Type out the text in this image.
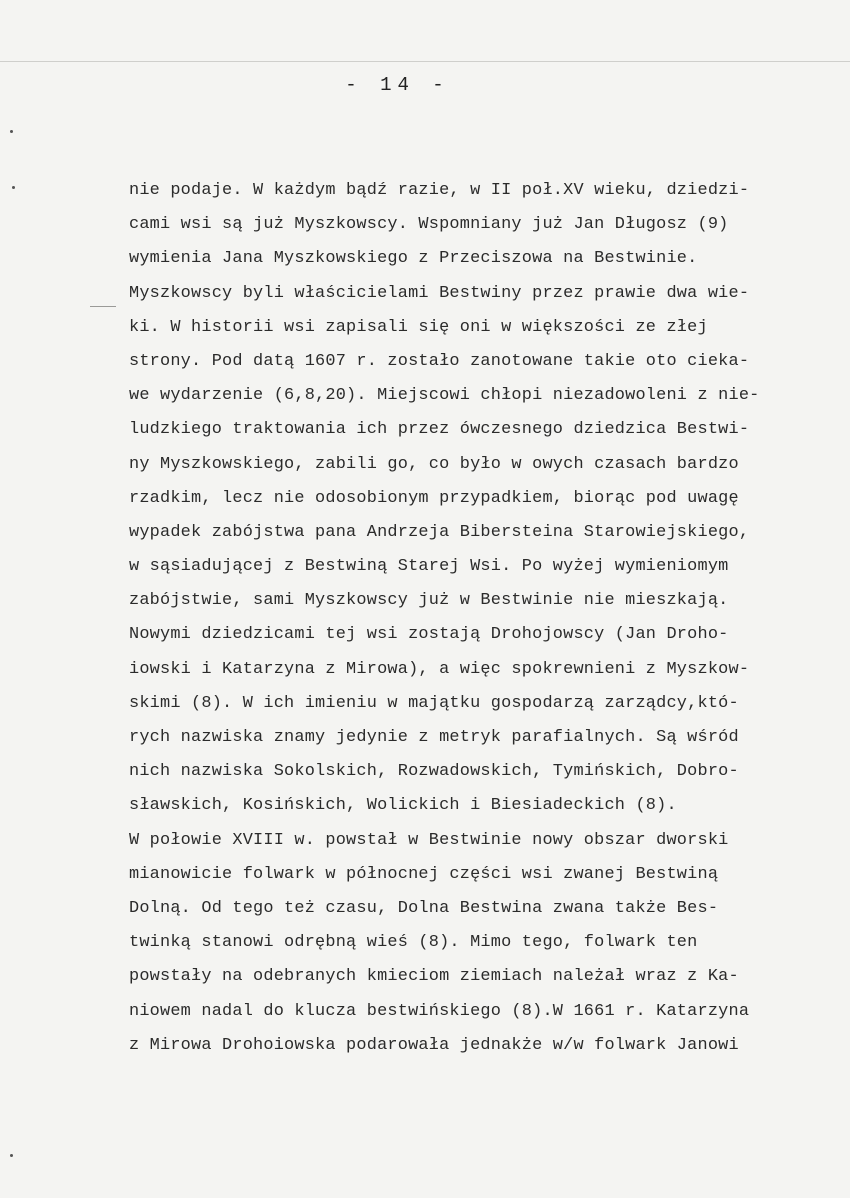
- 14 -
nie podaje. W każdym bądź razie, w II poł.XV wieku, dziedzi-
cami wsi są już Myszkowscy. Wspomniany już Jan Długosz (9)
wymienia Jana Myszkowskiego z Przeciszowa na Bestwinie.
Myszkowscy byli właścicielami Bestwiny przez prawie dwa wie-
ki. W historii wsi zapisali się oni w większości ze złej
strony. Pod datą 1607 r. zostało zanotowane takie oto cieka-
we wydarzenie (6,8,20). Miejscowi chłopi niezadowoleni z nie-
ludzkiego traktowania ich przez ówczesnego dziedzica Bestwi-
ny Myszkowskiego, zabili go, co było w owych czasach bardzo
rzadkim, lecz nie odosobionym przypadkiem, biorąc pod uwagę
wypadek zabójstwa pana Andrzeja Bibersteina Starowiejskiego,
w sąsiadującej z Bestwiną Starej Wsi. Po wyżej wymieniomym
zabójstwie, sami Myszkowscy już w Bestwinie nie mieszkają.
Nowymi dziedzicami tej wsi zostają Drohojowscy (Jan Droho-
iowski i Katarzyna z Mirowa), a więc spokrewnieni z Myszkow-
skimi (8). W ich imieniu w majątku gospodarzą zarządcy,któ-
rych nazwiska znamy jedynie z metryk parafialnych. Są wśród
nich nazwiska Sokolskich, Rozwadowskich, Tymińskich, Dobro-
sławskich, Kosińskich, Wolickich i Biesiadeckich (8).
W połowie XVIII w. powstał w Bestwinie nowy obszar dworski
mianowicie folwark w północnej części wsi zwanej Bestwiną
Dolną. Od tego też czasu, Dolna Bestwina zwana także Bes-
twinką stanowi odrębną wieś (8). Mimo tego, folwark ten
powstały na odebranych kmieciom ziemiach należał wraz z Ka-
niowem nadal do klucza bestwińskiego (8).W 1661 r. Katarzyna
z Mirowa Drohoiowska podarowała jednakże w/w folwark Janowi
